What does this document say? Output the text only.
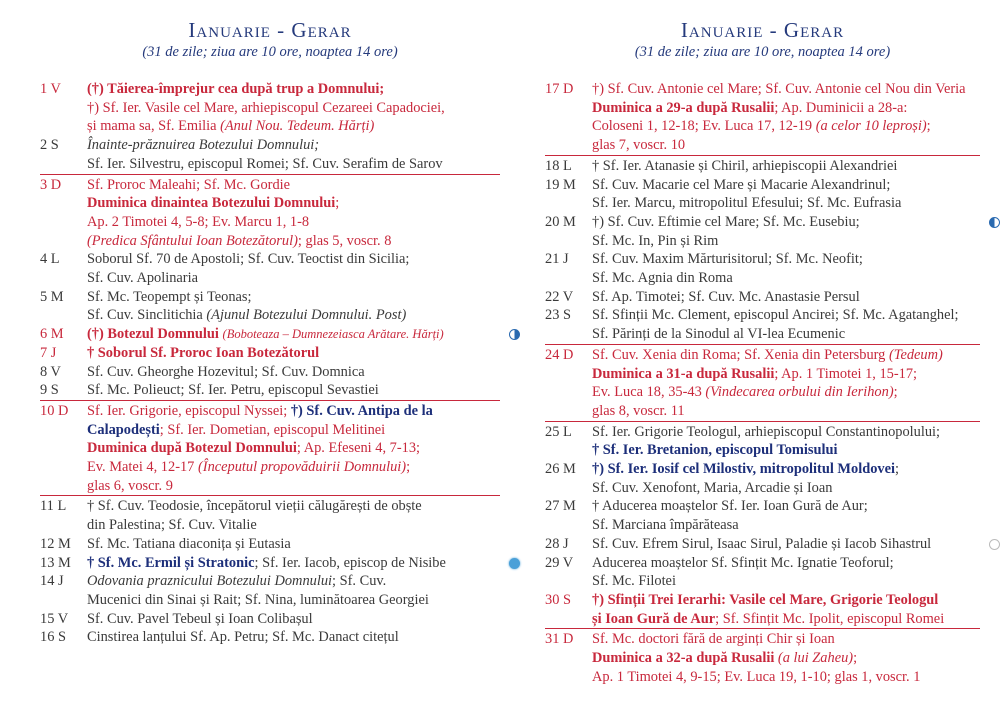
Ianuarie - Gerar
(31 de zile; ziua are 10 ore, noaptea 14 ore)
1 V	(†) Tăierea-împrejur cea după trup a Domnului;
†) Sf. Ier. Vasile cel Mare, arhiepiscopul Cezareei Capadociei,
și mama sa, Sf. Emilia (Anul Nou. Tedeum. Hărți)
2 S	Înainte-prăznuirea Botezului Domnului;
Sf. Ier. Silvestru, episcopul Romei; Sf. Cuv. Serafim de Sarov
3 D	Sf. Proroc Maleahi; Sf. Mc. Gordie
Duminica dinaintea Botezului Domnului;
Ap. 2 Timotei 4, 5-8; Ev. Marcu 1, 1-8
(Predica Sfântului Ioan Botezătorul); glas 5, voscr. 8
4 L	Soborul Sf. 70 de Apostoli; Sf. Cuv. Teoctist din Sicilia;
Sf. Cuv. Apolinaria
5 M	Sf. Mc. Teopempt și Teonas;
Sf. Cuv. Sinclitichia (Ajunul Botezului Domnului. Post)
6 M	(†) Botezul Domnului (Boboteaza – Dumnezeiasca Arătare. Hărți)
7 J	† Soborul Sf. Proroc Ioan Botezătorul
8 V	Sf. Cuv. Gheorghe Hozevitul; Sf. Cuv. Domnica
9 S	Sf. Mc. Polieuct; Sf. Ier. Petru, episcopul Sevastiei
10 D	Sf. Ier. Grigorie, episcopul Nyssei; †) Sf. Cuv. Antipa de la
Calapodești; Sf. Ier. Dometian, episcopul Melitinei
Duminica după Botezul Domnului; Ap. Efeseni 4, 7-13;
Ev. Matei 4, 12-17 (Începutul propovăduirii Domnului);
glas 6, voscr. 9
11 L	† Sf. Cuv. Teodosie, începătorul vieții călugărești de obște
din Palestina; Sf. Cuv. Vitalie
12 M	Sf. Mc. Tatiana diaconița și Eutasia
13 M	† Sf. Mc. Ermil și Stratonic; Sf. Ier. Iacob, episcop de Nisibe
14 J	Odovania praznicului Botezului Domnului; Sf. Cuv.
Mucenici din Sinai și Rait; Sf. Nina, luminătoarea Georgiei
15 V	Sf. Cuv. Pavel Tebeul și Ioan Colibașul
16 S	Cinstirea lanțului Sf. Ap. Petru; Sf. Mc. Danact citețul
Ianuarie - Gerar
(31 de zile; ziua are 10 ore, noaptea 14 ore)
17 D	†) Sf. Cuv. Antonie cel Mare; Sf. Cuv. Antonie cel Nou din Veria
Duminica a 29-a după Rusalii; Ap. Duminicii a 28-a:
Coloseni 1, 12-18; Ev. Luca 17, 12-19 (a celor 10 leproși);
glas 7, voscr. 10
18 L	† Sf. Ier. Atanasie și Chiril, arhiepiscopii Alexandriei
19 M	Sf. Cuv. Macarie cel Mare și Macarie Alexandrinul;
Sf. Ier. Marcu, mitropolitul Efesului; Sf. Mc. Eufrasia
20 M	†) Sf. Cuv. Eftimie cel Mare; Sf. Mc. Eusebiu;
Sf. Mc. In, Pin și Rim
21 J	Sf. Cuv. Maxim Mărturisitorul; Sf. Mc. Neofit;
Sf. Mc. Agnia din Roma
22 V	Sf. Ap. Timotei; Sf. Cuv. Mc. Anastasie Persul
23 S	Sf. Sfinții Mc. Clement, episcopul Ancirei; Sf. Mc. Agatanghel;
Sf. Părinți de la Sinodul al VI-lea Ecumenic
24 D	Sf. Cuv. Xenia din Roma; Sf. Xenia din Petersburg (Tedeum)
Duminica a 31-a după Rusalii; Ap. 1 Timotei 1, 15-17;
Ev. Luca 18, 35-43 (Vindecarea orbului din Ierihon);
glas 8, voscr. 11
25 L	Sf. Ier. Grigorie Teologul, arhiepiscopul Constantinopolului;
† Sf. Ier. Bretanion, episcopul Tomisului
26 M	†) Sf. Ier. Iosif cel Milostiv, mitropolitul Moldovei;
Sf. Cuv. Xenofont, Maria, Arcadie și Ioan
27 M	† Aducerea moaștelor Sf. Ier. Ioan Gură de Aur;
Sf. Marciana împărăteasa
28 J	Sf. Cuv. Efrem Sirul, Isaac Sirul, Paladie și Iacob Sihastrul
29 V	Aducerea moaștelor Sf. Sfințit Mc. Ignatie Teoforul;
Sf. Mc. Filotei
30 S	†) Sfinții Trei Ierarhi: Vasile cel Mare, Grigorie Teologul
și Ioan Gură de Aur; Sf. Sfințit Mc. Ipolit, episcopul Romei
31 D	Sf. Mc. doctori fără de arginți Chir și Ioan
Duminica a 32-a după Rusalii (a lui Zaheu);
Ap. 1 Timotei 4, 9-15; Ev. Luca 19, 1-10; glas 1, voscr. 1
